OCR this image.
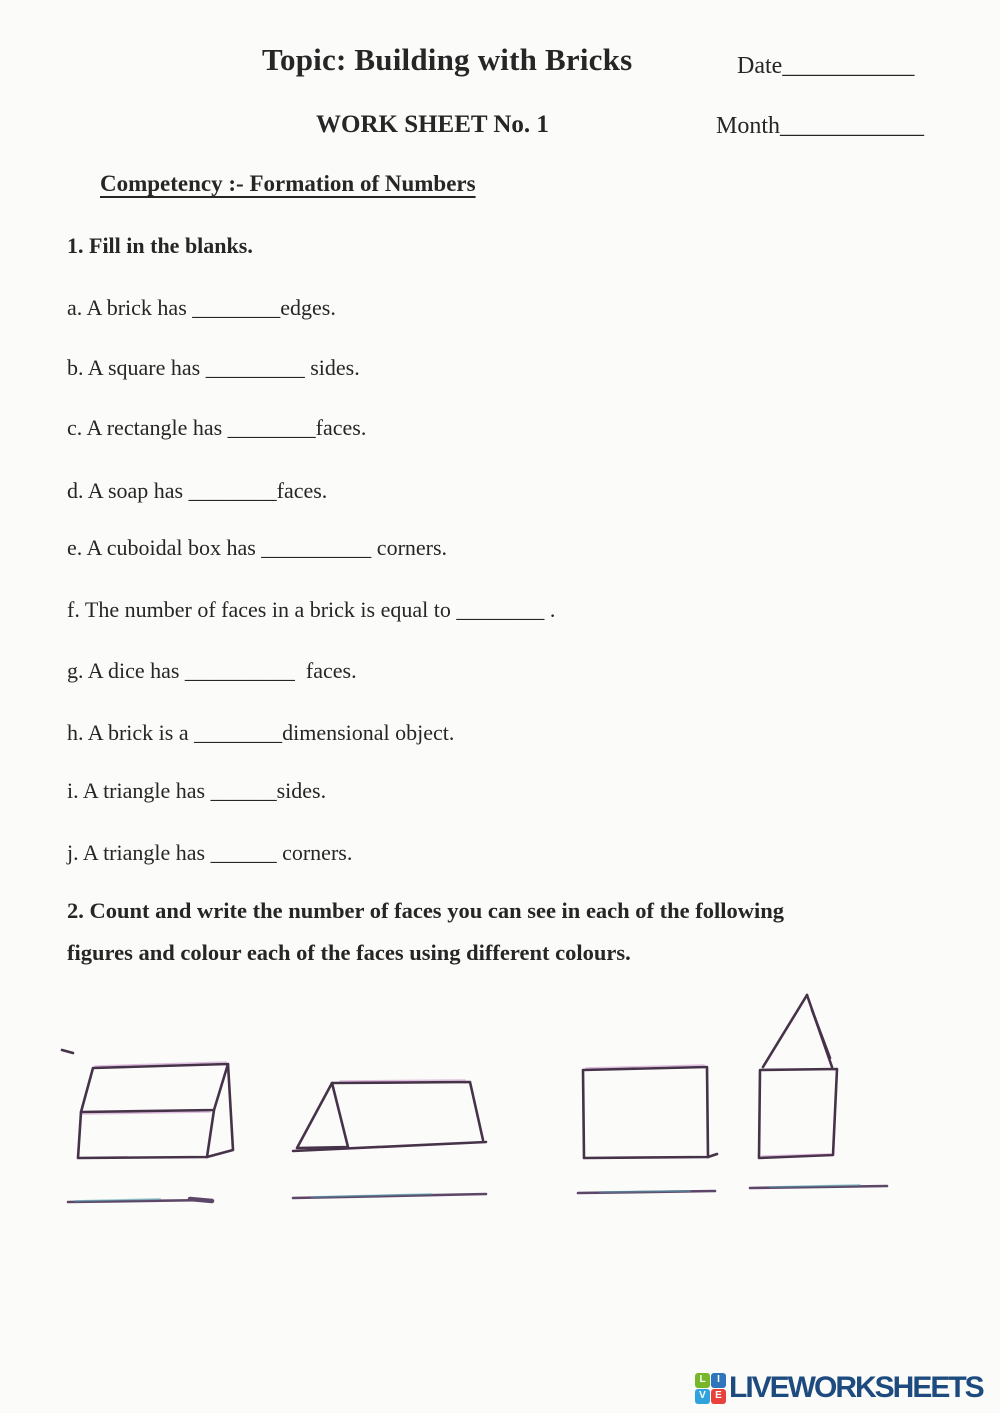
Topic: Building with Bricks	Date___________
WORK SHEET No. 1	Month____________
Competency :- Formation of Numbers
1. Fill in the blanks.
a. A brick has ________edges.
b. A square has _________ sides.
c. A rectangle has ________faces.
d. A soap has ________faces.
e. A cuboidal box has __________ corners.
f. The number of faces in a brick is equal to ________ .
g. A dice has __________  faces.
h. A brick is a ________dimensional object.
i. A triangle has ______sides.
j. A triangle has ______ corners.
2. Count and write the number of faces you can see in each of the following
figures and colour each of the faces using different colours.
L I
V E LIVEWORKSHEETS
